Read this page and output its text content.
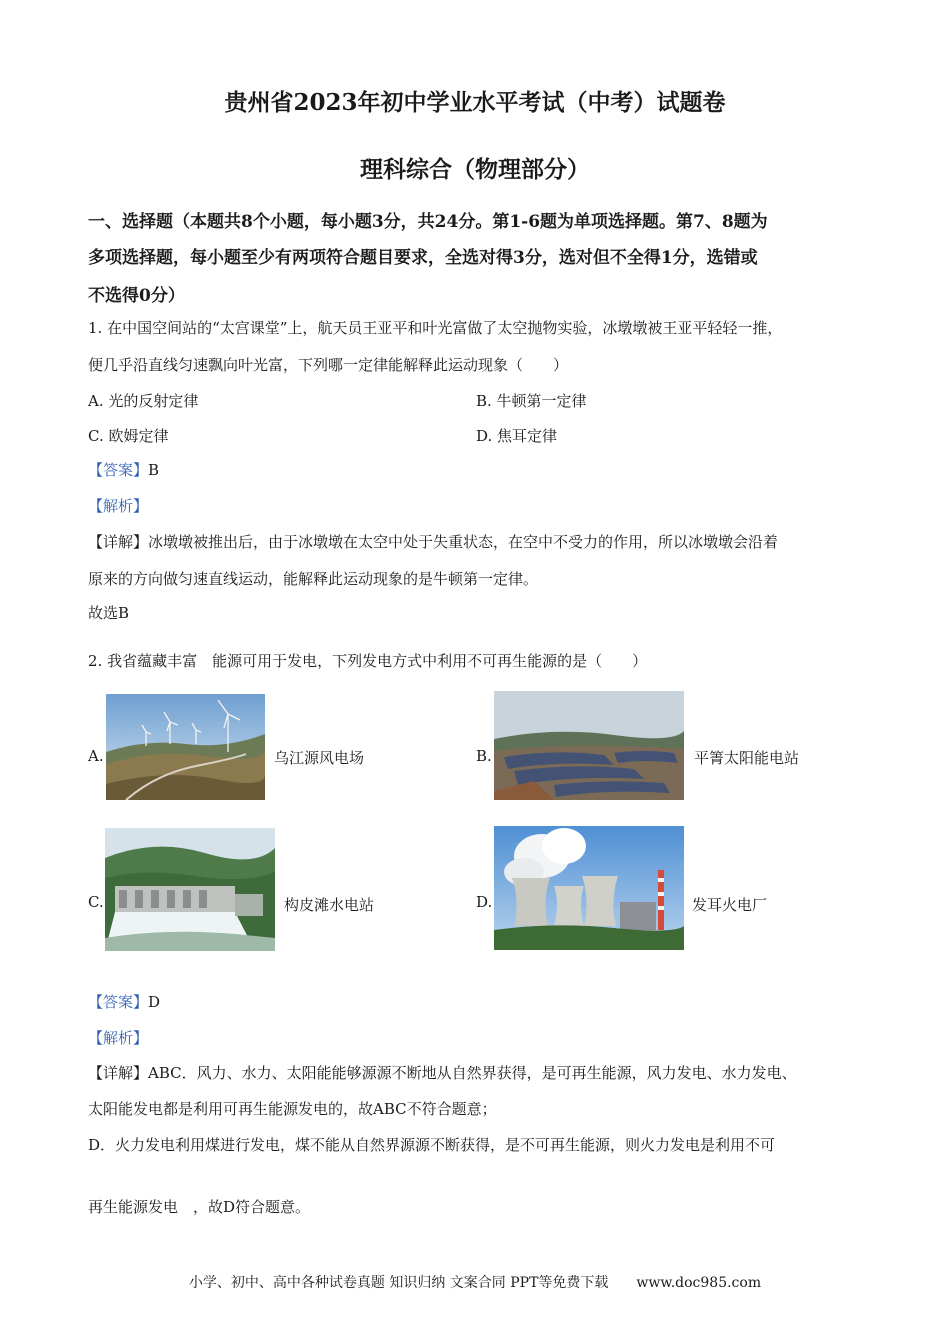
贵州省2023年初中学业水平考试（中考）试题卷
理科综合（物理部分）
一、选择题（本题共8个小题，每小题3分，共24分。第1-6题为单项选择题。第7、8题为
多项选择题，每小题至少有两项符合题目要求，全选对得3分，选对但不全得1分，选错或
不选得0分）
1. 在中国空间站的“太宫课堂”上，航天员王亚平和叶光富做了太空抛物实验，冰墩墩被王亚平轻轻一推，
便几乎沿直线匀速飘向叶光富，下列哪一定律能解释此运动现象（　　）
A. 光的反射定律	B. 牛顿第一定律
C. 欧姆定律	D. 焦耳定律
【答案】B
【解析】
【详解】冰墩墩被推出后，由于冰墩墩在太空中处于失重状态，在空中不受力的作用，所以冰墩墩会沿着
原来的方向做匀速直线运动，能解释此运动现象的是牛顿第一定律。
故选B
2. 我省蕴藏丰富　能源可用于发电，下列发电方式中利用不可再生能源的是（　　）
A.	乌江源风电场	B.	平箐太阳能电站
C.	构皮滩水电站	D.	发耳火电厂
【答案】D
【解析】
【详解】ABC．风力、水力、太阳能能够源源不断地从自然界获得，是可再生能源，风力发电、水力发电、
太阳能发电都是利用可再生能源发电的，故ABC不符合题意；
D．火力发电利用煤进行发电，煤不能从自然界源源不断获得，是不可再生能源，则火力发电是利用不可
再生能源发电　，故D符合题意。
小学、初中、高中各种试卷真题 知识归纳 文案合同 PPT等免费下载　　www.doc985.com
